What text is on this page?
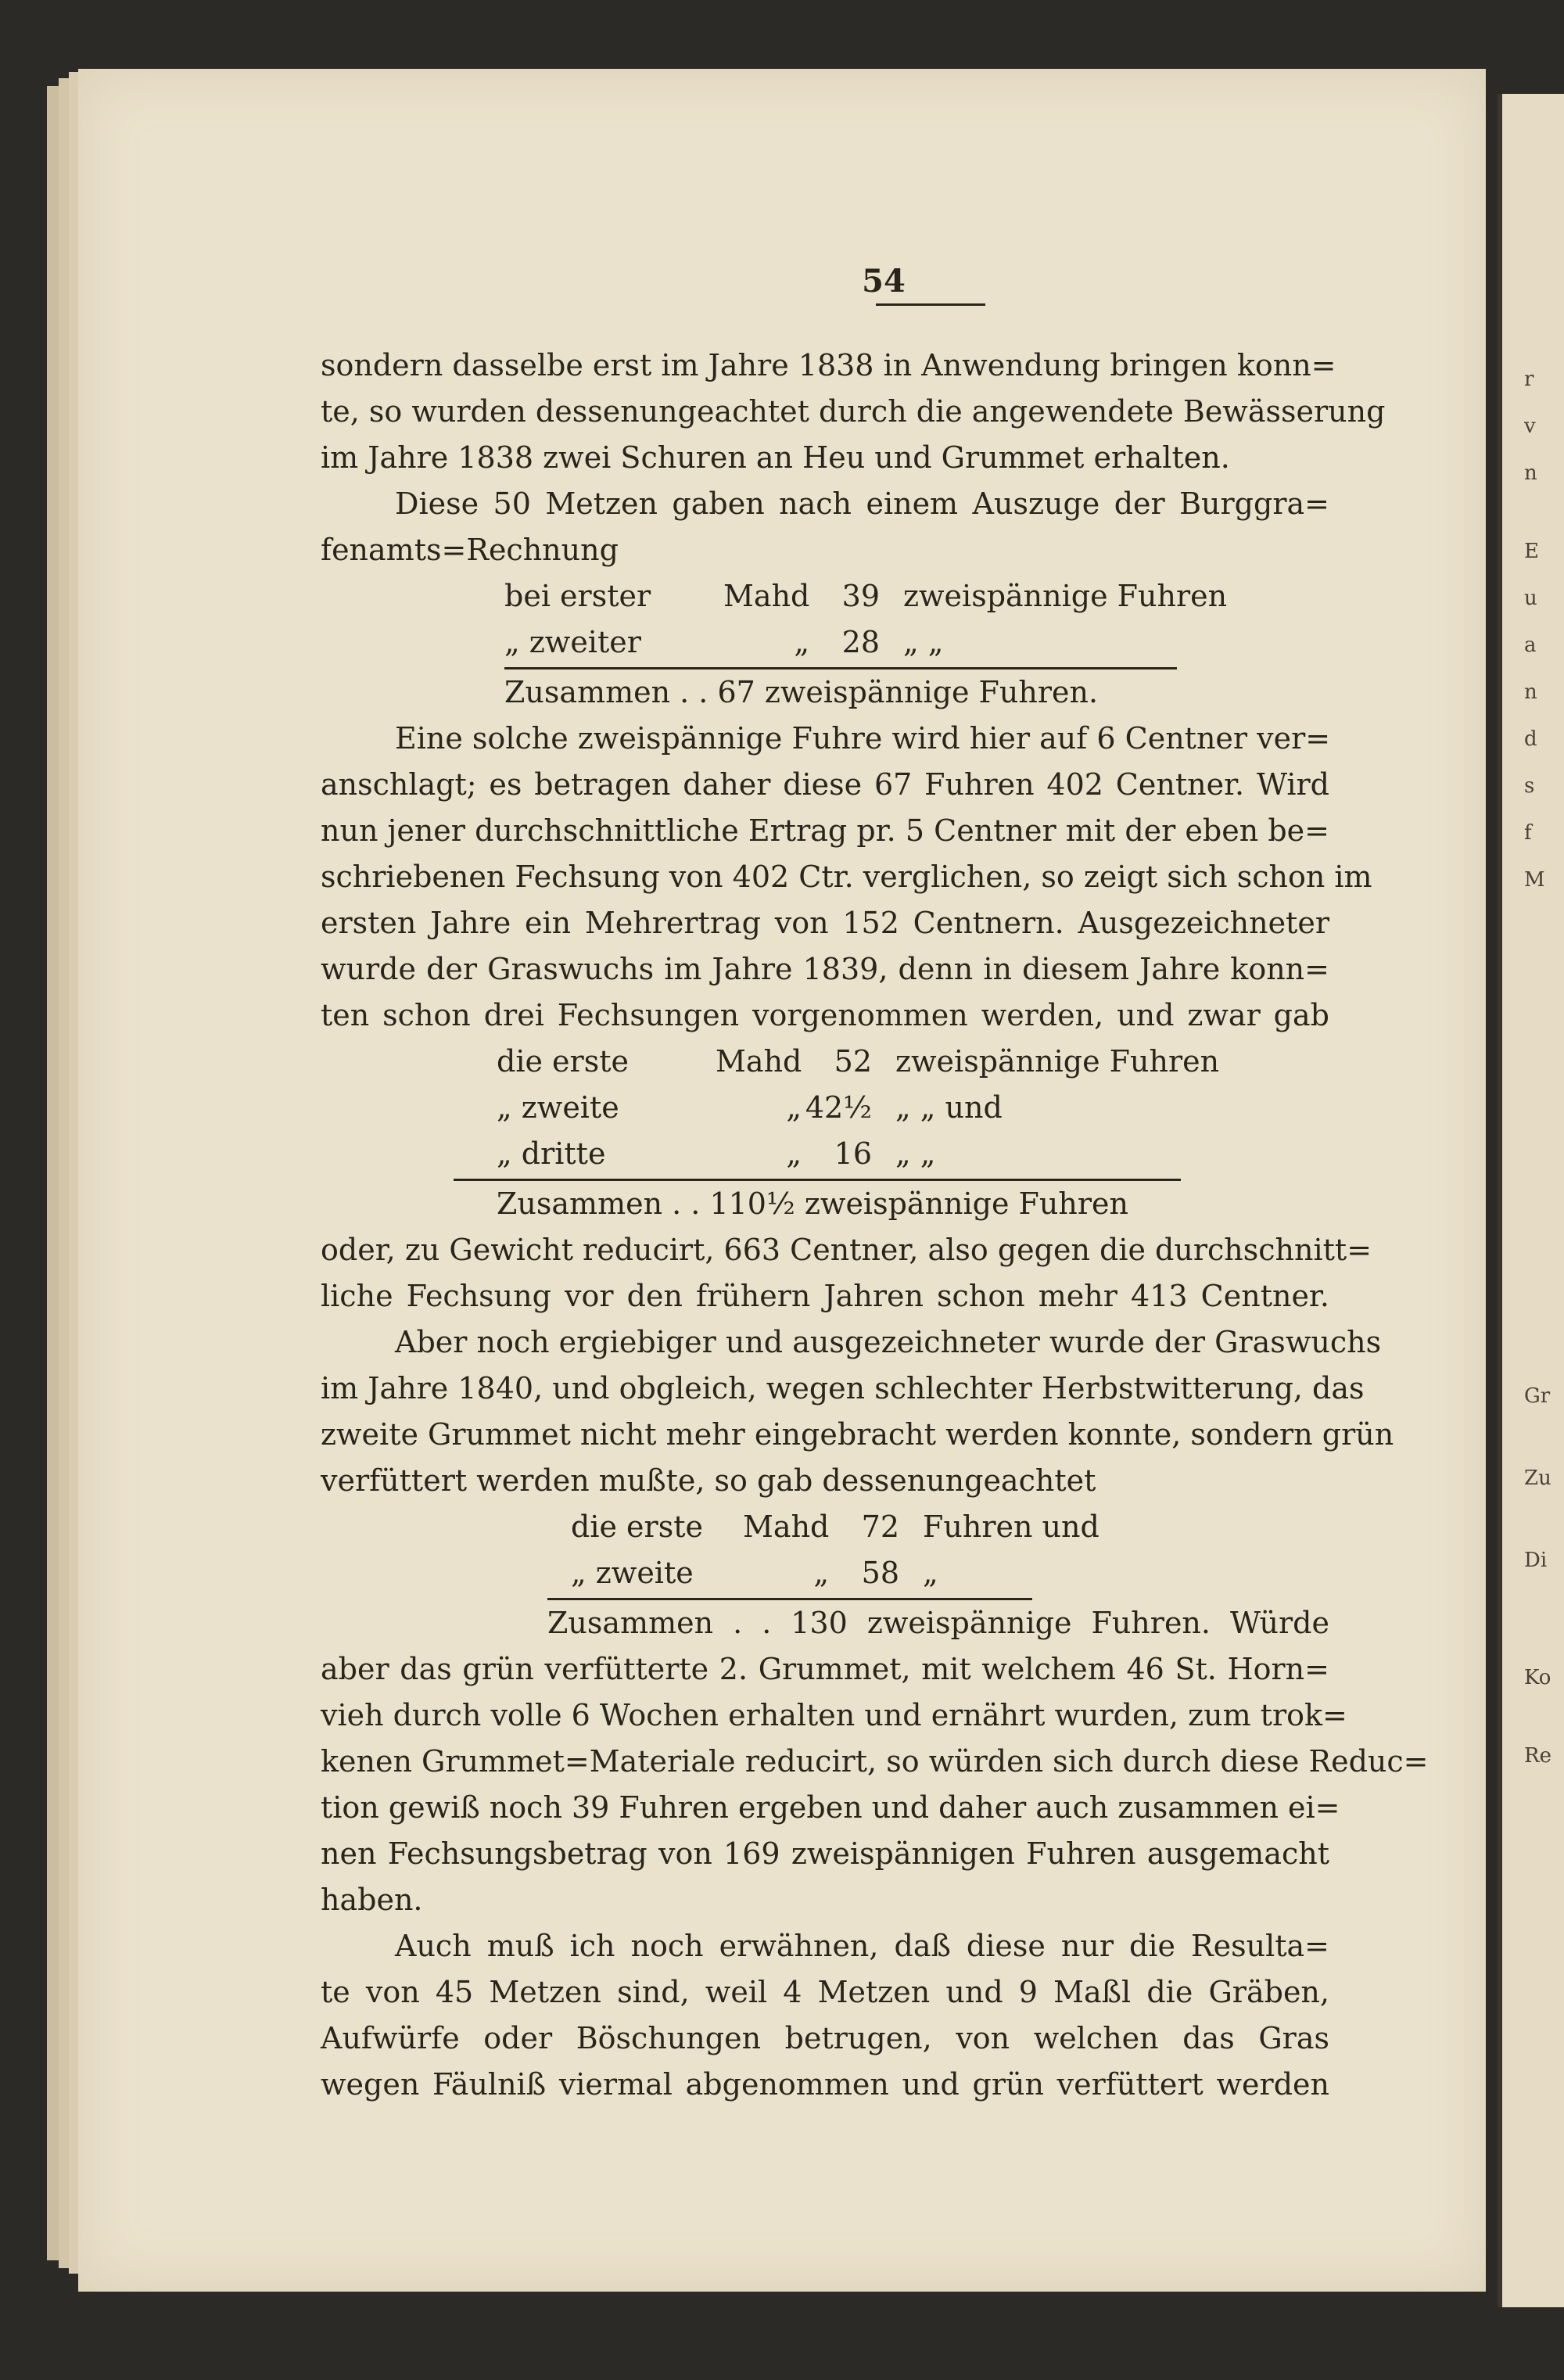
r
v
n
E
u
a
n
d
s
f
M
Gr
Zu
Di
Ko
Re
54
sondern dasselbe erst im Jahre 1838 in Anwendung bringen konn=
te, so wurden dessenungeachtet durch die angewendete Bewässerung
im Jahre 1838 zwei Schuren an Heu und Grummet erhalten.
Diese 50 Metzen gaben nach einem Auszuge der Burggra=
fenamts=Rechnung
bei erster Mahd 39 zweispännige Fuhren
„ zweiter	„ 28 „ „
Zusammen . . 67 zweispännige Fuhren.
Eine solche zweispännige Fuhre wird hier auf 6 Centner ver=
anschlagt; es betragen daher diese 67 Fuhren 402 Centner. Wird
nun jener durchschnittliche Ertrag pr. 5 Centner mit der eben be=
schriebenen Fechsung von 402 Ctr. verglichen, so zeigt sich schon im
ersten Jahre ein Mehrertrag von 152 Centnern. Ausgezeichneter
wurde der Graswuchs im Jahre 1839, denn in diesem Jahre konn=
ten schon drei Fechsungen vorgenommen werden, und zwar gab
die erste	Mahd 52 zweispännige Fuhren
„ zweite	„ 42½ „ „ und
„ dritte	„ 16 „ „
Zusammen . . 110½ zweispännige Fuhren
oder, zu Gewicht reducirt, 663 Centner, also gegen die durchschnitt=
liche Fechsung vor den frühern Jahren schon mehr 413 Centner.
Aber noch ergiebiger und ausgezeichneter wurde der Graswuchs
im Jahre 1840, und obgleich, wegen schlechter Herbstwitterung, das
zweite Grummet nicht mehr eingebracht werden konnte, sondern grün
verfüttert werden mußte, so gab dessenungeachtet
die erste Mahd 72 Fuhren und
„ zweite	„ 58 „
Zusammen . . 130 zweispännige Fuhren. Würde
aber das grün verfütterte 2. Grummet, mit welchem 46 St. Horn=
vieh durch volle 6 Wochen erhalten und ernährt wurden, zum trok=
kenen Grummet=Materiale reducirt, so würden sich durch diese Reduc=
tion gewiß noch 39 Fuhren ergeben und daher auch zusammen ei=
nen Fechsungsbetrag von 169 zweispännigen Fuhren ausgemacht
haben.
Auch muß ich noch erwähnen, daß diese nur die Resulta=
te von 45 Metzen sind, weil 4 Metzen und 9 Maßl die Gräben,
Aufwürfe oder Böschungen betrugen, von welchen das Gras
wegen Fäulniß viermal abgenommen und grün verfüttert werden
